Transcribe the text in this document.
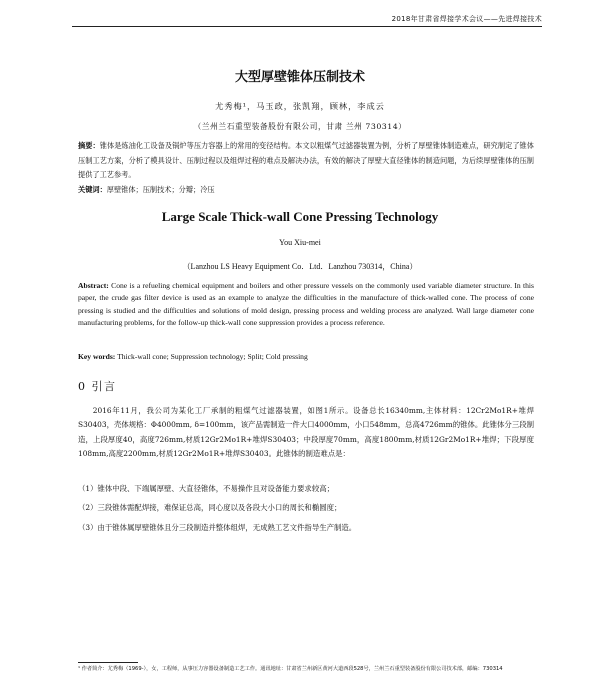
2018年甘肃省焊接学术会议——先进焊接技术
大型厚壁锥体压制技术
尤秀梅¹，马玉政，张凯翔，顾林，李成云
（兰州兰石重型装备股份有限公司，甘肃 兰州 730314）
摘要：锥体是炼油化工设备及锅炉等压力容器上的常用的变径结构。本文以粗煤气过滤器装置为例，分析了厚壁锥体制造难点，研究制定了锥体压制工艺方案，分析了模具设计、压制过程以及组焊过程的难点及解决办法，有效的解决了厚壁大直径锥体的制造问题，为后续厚壁锥体的压制提供了工艺参考。
关键词：厚壁锥体；压制技术；分瓣；冷压
Large Scale Thick-wall Cone Pressing Technology
You Xiu-mei
（Lanzhou LS Heavy Equipment Co．Ltd．Lanzhou 730314，China）
Abstract: Cone is a refueling chemical equipment and boilers and other pressure vessels on the commonly used variable diameter structure. In this paper, the crude gas filter device is used as an example to analyze the difficulties in the manufacture of thick-walled cone. The process of cone pressing is studied and the difficulties and solutions of mold design, pressing process and welding process are analyzed. Wall large diameter cone manufacturing problems, for the follow-up thick-wall cone suppression provides a process reference.
Key words: Thick-wall cone; Suppression technology; Split; Cold pressing
0 引言
2016年11月，我公司为某化工厂承制的粗煤气过滤器装置，如图1所示。设备总长16340mm,主体材料：12Cr2Mo1R+堆焊S30403，壳体规格：Φ4000mm, δ=100mm，该产品需制造一件大口4000mm，小口548mm，总高4726mm的锥体。此锥体分三段制造，上段厚度40，高度726mm,材质12Gr2Mo1R+堆焊S30403；中段厚度70mm，高度1800mm,材质12Gr2Mo1R+堆焊；下段厚度108mm,高度2200mm,材质12Gr2Mo1R+堆焊S30403。此锥体的制造难点是：
（1）锥体中段、下端属厚壁、大直径锥体，不易操作且对设备能力要求较高；
（2）三段锥体需配焊接，难保证总高，同心度以及各段大小口的周长和椭圆度；
（3）由于锥体属厚壁锥体且分三段制造并整体组焊，无成熟工艺文件指导生产制造。
¹ 作者简介：尤秀梅（1969-），女，工程师，从事压力容器设备制造工艺工作。通讯地址：甘肃省兰州新区黄河大道西段528号，兰州兰石重型装备股份有限公司技术部，邮编：730314
